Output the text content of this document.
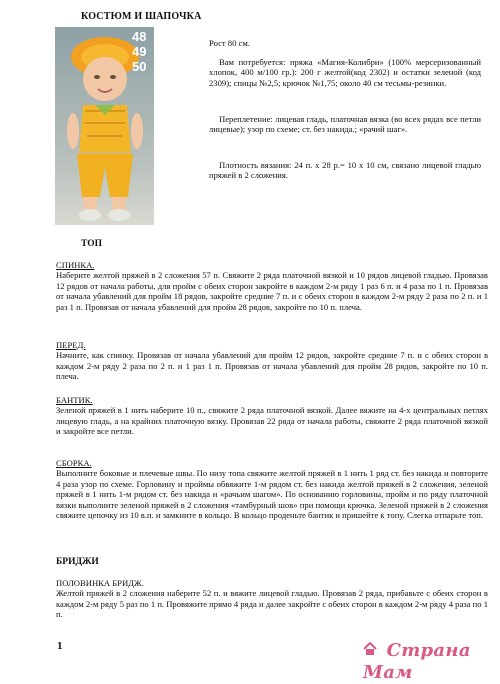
КОСТЮМ И ШАПОЧКА
48
49
50
Рост 80 см.
Вам потребуется: пряжа «Магия-Колибри» (100% мерсеризованный хлопок, 400 м/100 гр.): 200 г желтой(код 2302) и остатки зеленой (код 2309); спицы №2,5; крючок №1,75; около 40 см тесьмы-резинки.
Переплетение: лицевая гладь, платочная вязка (во всех рядах все петли лицевые); узор по схеме; ст. без накида.; «рачий шаг».
Плотность вязания: 24 п. х 28 р.= 10 х 10 см, связано лицевой гладью пряжей в 2 сложения.
ТОП
СПИНКА.
Наберите желтой пряжей в 2 сложения 57 п. Свяжите 2 ряда платочной вязкой и 10 рядов лицевой гладью. Провязав 12 рядов от начала работы, для пройм с обеих сторон закройте в каждом 2-м ряду 1 раз 6 п. и 4 раза по 1 п. Провязав от начала убавлений для пройм 18 рядов, закройте средние 7 п. и с обеих сторон в каждом 2-м ряду 2 раза по 2 п. и 1 раз 1 п. Провязав от начала убавлений для пройм 28 рядов, закройте по 10 п. плеча.
ПЕРЕД.
Начните, как спинку. Провязав от начала убавлений для пройм 12 рядов, закройте средние 7 п. и с обеих сторон в каждом 2-м ряду 2 раза по 2 п. и 1 раз 1 п. Провязав от начала убавлений для пройм 28 рядов, закройте по 10 п. плеча.
БАНТИК.
Зеленой пряжей в 1 нить наберите 10 п., свяжите 2 ряда платочной вязкой. Далее вяжите на 4-х центральных петлях лицевую гладь, а на крайних платочную вязку. Провязав 22 ряда от начала работы, свяжите 2 ряда платочной вязкой и закройте все петли.
СБОРКА.
Выполните боковые и плечевые швы. По низу топа свяжите желтой пряжей в 1 нить 1 ряд ст. без накида и повторите 4 раза узор по схеме. Горловину и проймы обвяжите 1-м рядом ст. без накида желтой пряжей в 2 сложения, зеленой пряжей в 1 нить 1-м рядом ст. без накида и «рачьим шагом». По основанию горловины, пройм и по ряду платочной вязки выполните зеленой пряжей в 2 сложения «тамбурный шов» при помощи крючка. Зеленой пряжей в 2 сложения свяжите цепочку из 10 в.п. и замкните в кольцо. В кольцо проденьте бантик и пришейте к топу. Слегка отпарьте топ.
БРИДЖИ
ПОЛОВИНКА БРИДЖ.
Желтой пряжей в 2 сложения наберите 52 п. и вяжите лицевой гладью. Провязав 2 ряда, прибавьте с обеих сторон в каждом 2-м ряду 5 раз по 1 п. Провяжите прямо 4 ряда и далее закройте с обеих сторон в каждом 2-м ряду 4 раза по 1 п.
1	Страна Мам
